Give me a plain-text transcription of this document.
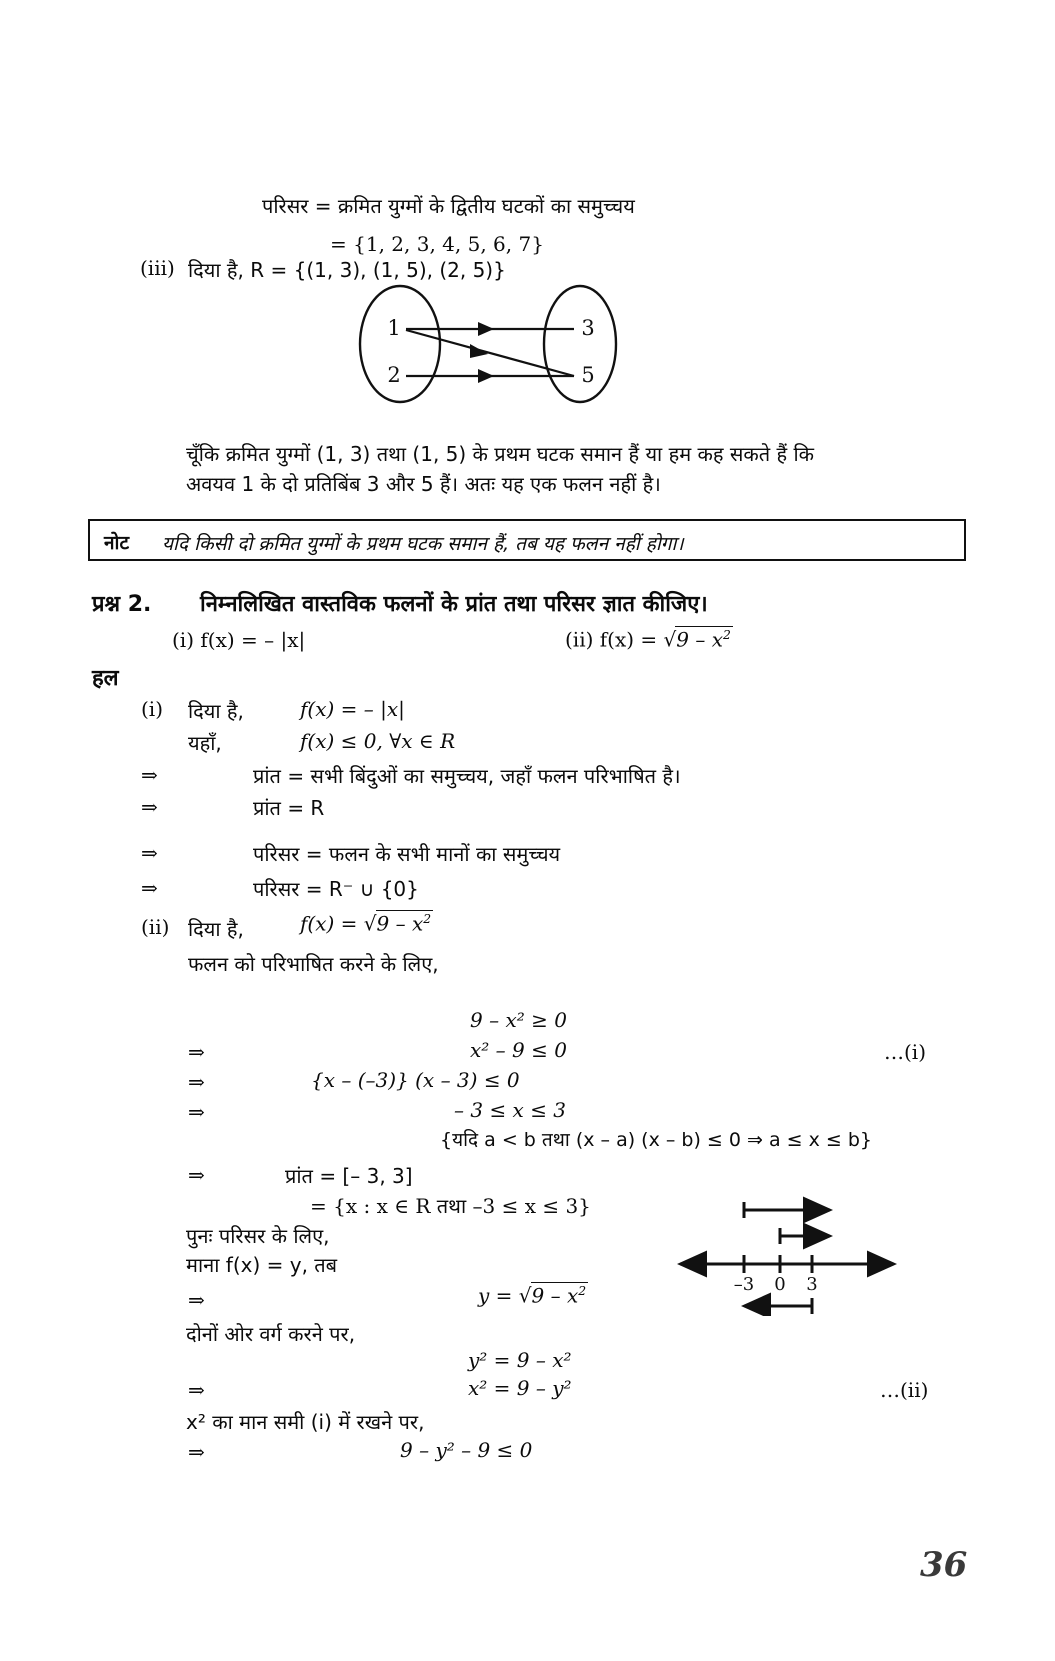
परिसर = क्रमित युग्मों के द्वितीय घटकों का समुच्चय
= {1, 2, 3, 4, 5, 6, 7}
(iii) दिया है, R = {(1, 3), (1, 5), (2, 5)}
1
2
3
5
चूँकि क्रमित युग्मों (1, 3) तथा (1, 5) के प्रथम घटक समान हैं या हम कह सकते हैं कि
अवयव 1 के दो प्रतिबिंब 3 और 5 हैं। अतः यह एक फलन नहीं है।
नोट यदि किसी दो क्रमित युग्मों के प्रथम घटक समान हैं, तब यह फलन नहीं होगा।
प्रश्न 2. निम्नलिखित वास्तविक फलनों के प्रांत तथा परिसर ज्ञात कीजिए।
(i) f(x) = – |x|	(ii) $f(x) = √9 - x^2$
हल
(i) दिया है,	f(x) = – |x|
यहाँ,	f(x) ≤ 0, ∀x ∈ R
⇒	प्रांत = सभी बिंदुओं का समुच्चय, जहाँ फलन परिभाषित है।
⇒	प्रांत = R
⇒	परिसर = फलन के सभी मानों का समुच्चय
⇒	परिसर = R⁻ ∪ {0}
(ii) दिया है,	$f(x) = √9 - x^2$
फलन को परिभाषित करने के लिए,
9 – x² ≥ 0
⇒	x² – 9 ≤ 0	…(i)
⇒	{x – (–3)} (x – 3) ≤ 0
⇒	– 3 ≤ x ≤ 3
{यदि a < b तथा (x – a) (x – b) ≤ 0 ⇒ a ≤ x ≤ b}
⇒	प्रांत = [– 3, 3]
= {x : x ∈ R तथा –3 ≤ x ≤ 3}
पुनः परिसर के लिए,
माना f(x) = y, तब
⇒	$y = √9 - x^2$
दोनों ओर वर्ग करने पर,
y² = 9 – x²
⇒	x² = 9 – y²	…(ii)
x² का मान समी (i) में रखने पर,
⇒	9 – y² – 9 ≤ 0
–3 0 3
36
